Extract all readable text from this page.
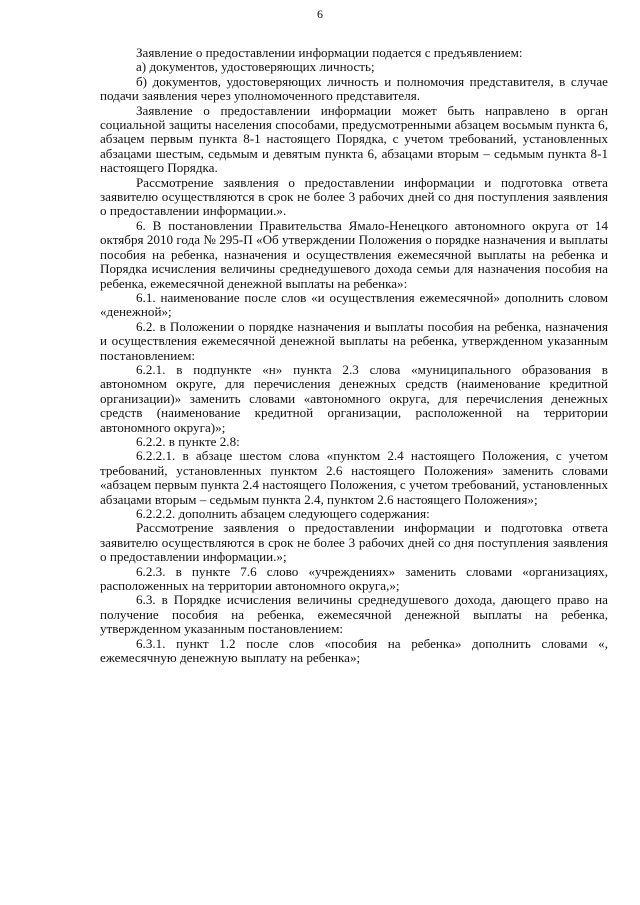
6

Заявление о предоставлении информации подается с предъявлением:

а) документов, удостоверяющих личность;

б) документов, удостоверяющих личность и полномочия представителя, в случае подачи заявления через уполномоченного представителя.

Заявление о предоставлении информации может быть направлено в орган социальной защиты населения способами, предусмотренными абзацем восьмым пункта 6, абзацем первым пункта 8-1 настоящего Порядка, с учетом требований, установленных абзацами шестым, седьмым и девятым пункта 6, абзацами вторым – седьмым пункта 8-1 настоящего Порядка.

Рассмотрение заявления о предоставлении информации и подготовка ответа заявителю осуществляются в срок не более 3 рабочих дней со дня поступления заявления о предоставлении информации.».

6. В постановлении Правительства Ямало-Ненецкого автономного округа от 14 октября 2010 года № 295-П «Об утверждении Положения о порядке назначения и выплаты пособия на ребенка, назначения и осуществления ежемесячной выплаты на ребенка и Порядка исчисления величины среднедушевого дохода семьи для назначения пособия на ребенка, ежемесячной денежной выплаты на ребенка»:

6.1. наименование после слов «и осуществления ежемесячной» дополнить словом «денежной»;

6.2. в Положении о порядке назначения и выплаты пособия на ребенка, назначения и осуществления ежемесячной денежной выплаты на ребенка, утвержденном указанным постановлением:

6.2.1. в подпункте «н» пункта 2.3 слова «муниципального образования в автономном округе, для перечисления денежных средств (наименование кредитной организации)» заменить словами «автономного округа, для перечисления денежных средств (наименование кредитной организации, расположенной на территории автономного округа)»;

6.2.2. в пункте 2.8:

6.2.2.1. в абзаце шестом слова «пунктом 2.4 настоящего Положения, с учетом требований, установленных пунктом 2.6 настоящего Положения» заменить словами «абзацем первым пункта 2.4 настоящего Положения, с учетом требований, установленных абзацами вторым – седьмым пункта 2.4, пунктом 2.6 настоящего Положения»;

6.2.2.2. дополнить абзацем следующего содержания:

Рассмотрение заявления о предоставлении информации и подготовка ответа заявителю осуществляются в срок не более 3 рабочих дней со дня поступления заявления о предоставлении информации.»;

6.2.3. в пункте 7.6 слово «учреждениях» заменить словами «организациях, расположенных на территории автономного округа,»;

6.3. в Порядке исчисления величины среднедушевого дохода, дающего право на получение пособия на ребенка, ежемесячной денежной выплаты на ребенка, утвержденном указанным постановлением:

6.3.1. пункт 1.2 после слов «пособия на ребенка» дополнить словами «, ежемесячную денежную выплату на ребенка»;
